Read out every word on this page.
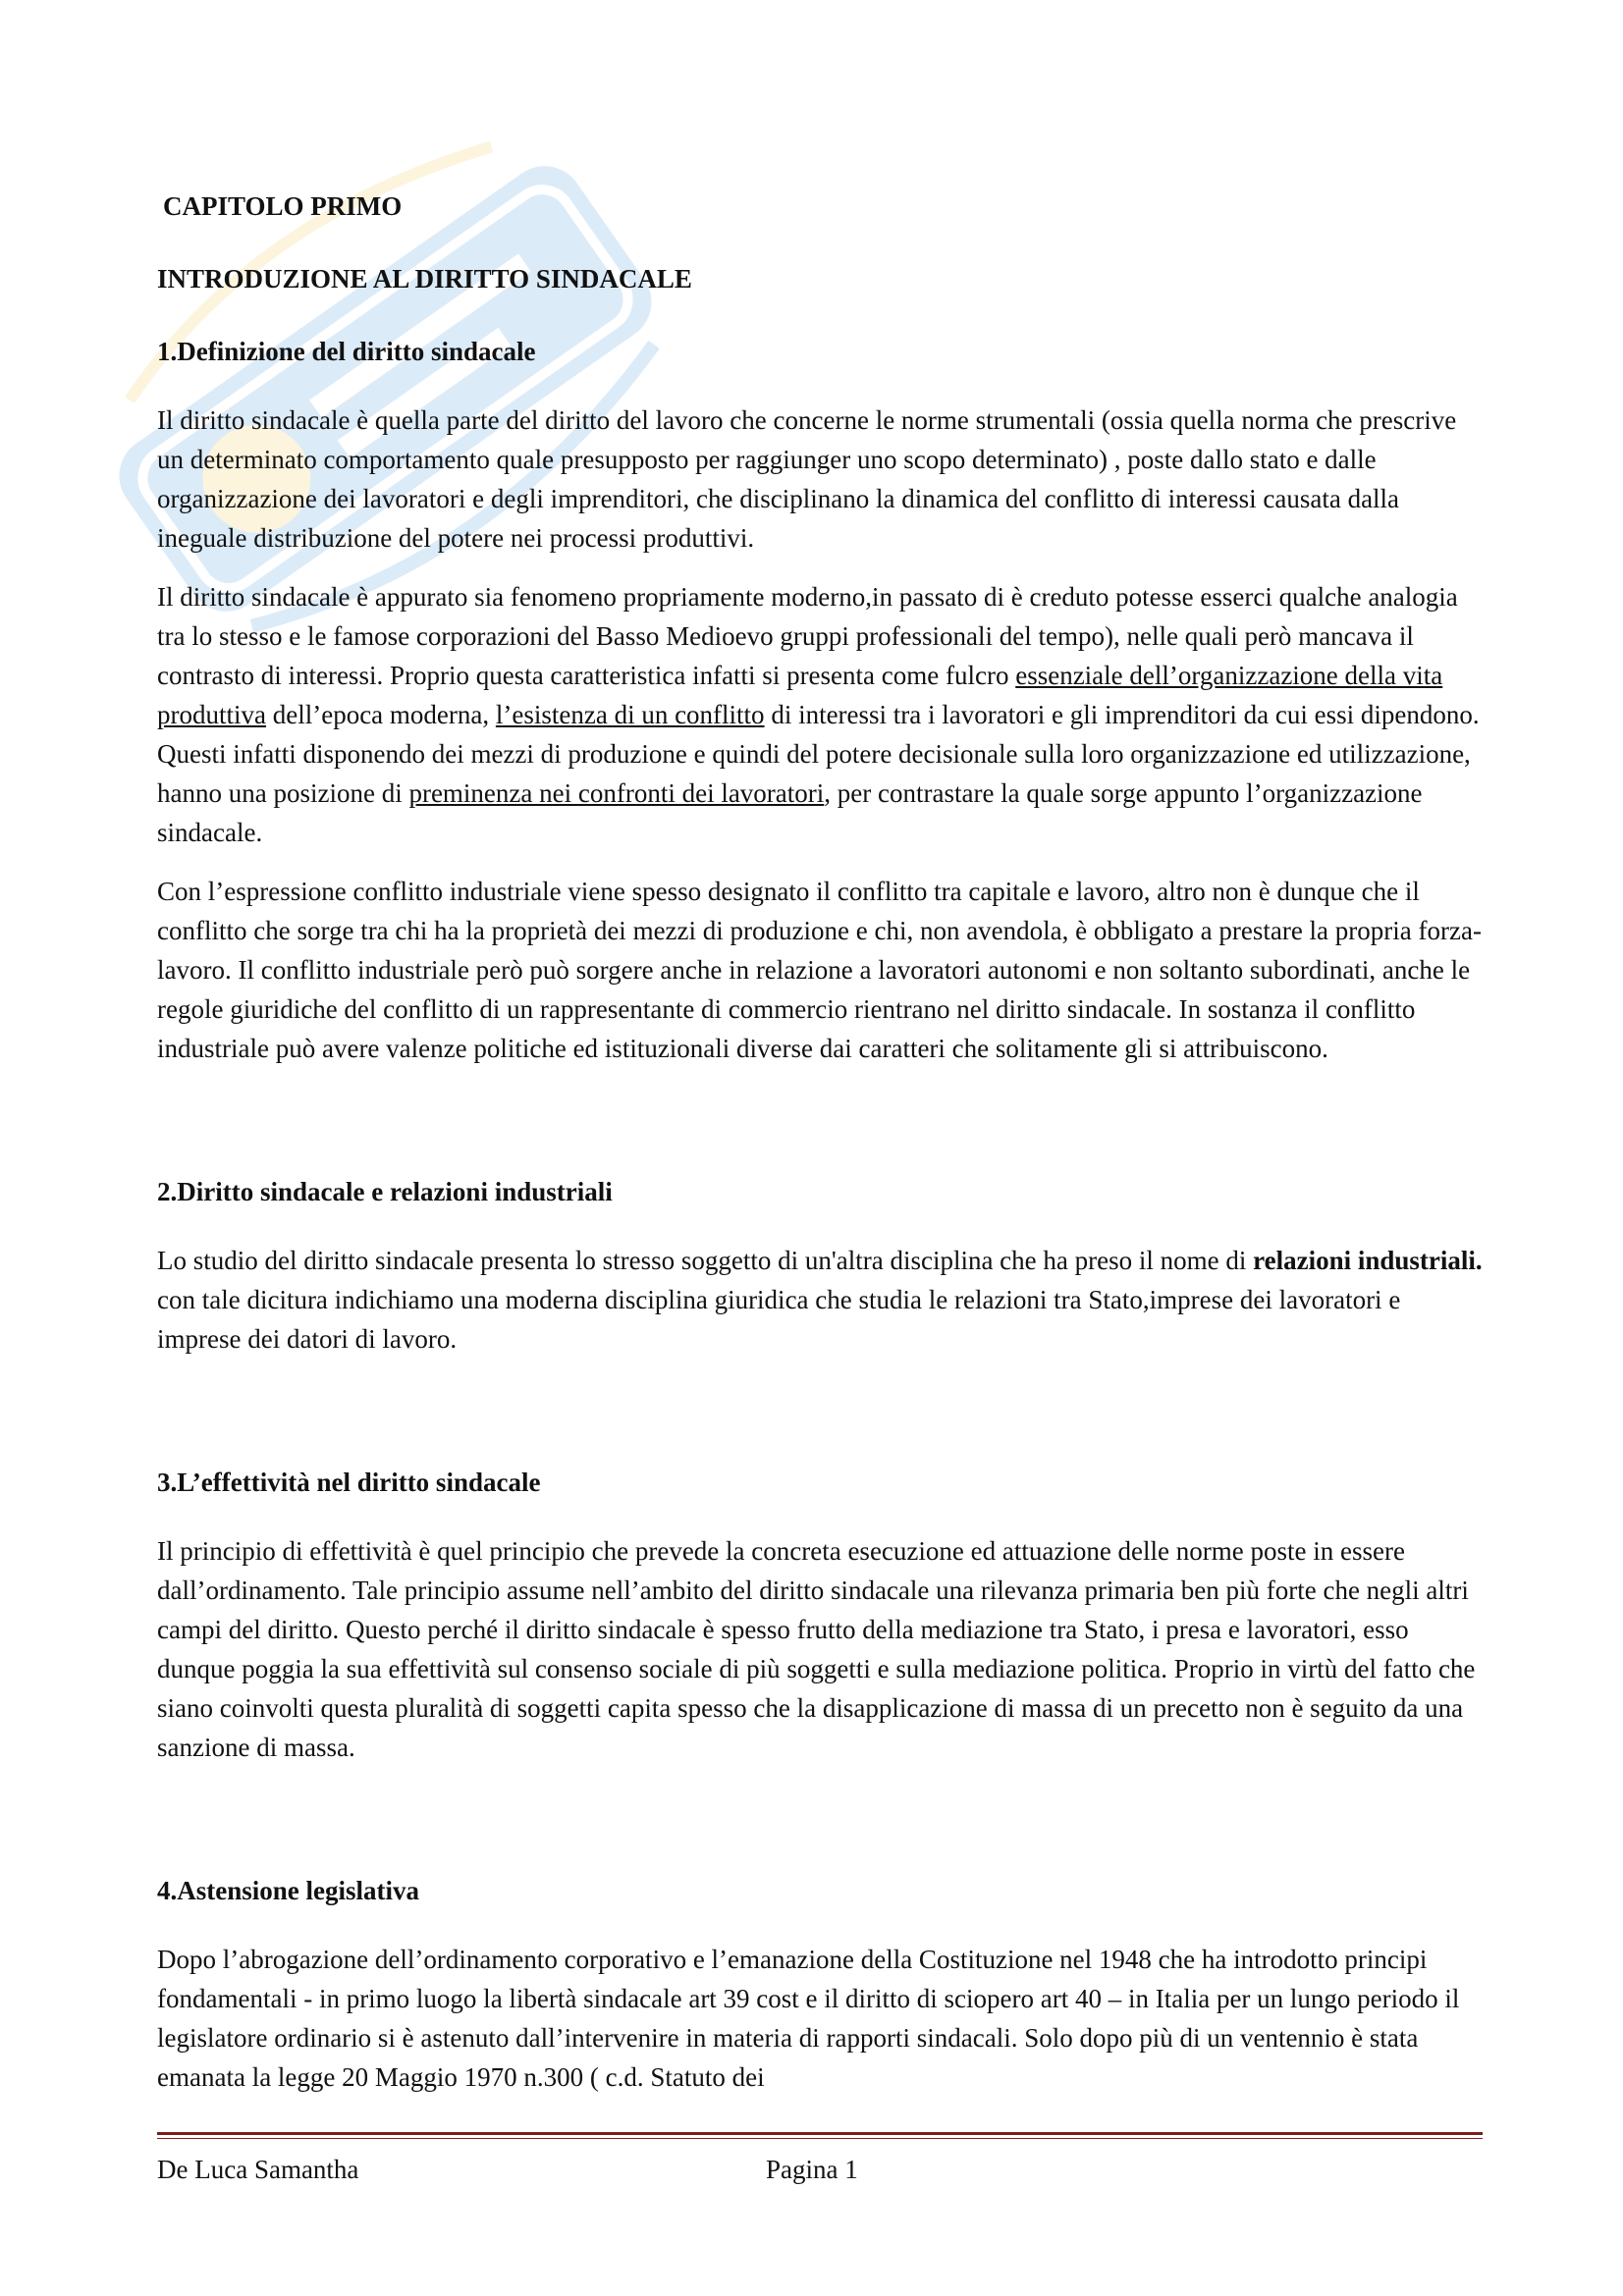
CAPITOLO PRIMO
INTRODUZIONE AL DIRITTO SINDACALE
1.Definizione del diritto sindacale

Il diritto sindacale è quella parte del diritto del lavoro che concerne le norme strumentali (ossia quella norma che prescrive un determinato comportamento quale presupposto per raggiunger uno scopo determinato) , poste dallo stato e dalle organizzazione dei lavoratori e degli imprenditori, che disciplinano la dinamica del conflitto di interessi causata dalla ineguale distribuzione del potere nei processi produttivi.

Il diritto sindacale è appurato sia fenomeno propriamente moderno,in passato di è creduto potesse esserci qualche analogia tra lo stesso e le famose corporazioni del Basso Medioevo gruppi professionali del tempo), nelle quali però mancava il contrasto di interessi. Proprio questa caratteristica infatti si presenta come fulcro essenziale dell’organizzazione della vita produttiva dell’epoca moderna, l’esistenza di un conflitto di interessi tra i lavoratori e gli imprenditori da cui essi dipendono. Questi infatti disponendo dei mezzi di produzione e quindi del potere decisionale sulla loro organizzazione ed utilizzazione, hanno una posizione di preminenza nei confronti dei lavoratori, per contrastare la quale sorge appunto l’organizzazione sindacale.

Con l’espressione conflitto industriale viene spesso designato il conflitto tra capitale e lavoro, altro non è dunque che il conflitto che sorge tra chi ha la proprietà dei mezzi di produzione e chi, non avendola, è obbligato a prestare la propria forza-lavoro. Il conflitto industriale però può sorgere anche in relazione a lavoratori autonomi e non soltanto subordinati, anche le regole giuridiche del conflitto di un rappresentante di commercio rientrano nel diritto sindacale. In sostanza il conflitto industriale può avere valenze politiche ed istituzionali diverse dai caratteri che solitamente gli si attribuiscono.

2.Diritto sindacale e relazioni industriali

Lo studio del diritto sindacale presenta lo stresso soggetto di un'altra disciplina che ha preso il nome di relazioni industriali. con tale dicitura indichiamo una moderna disciplina giuridica che studia le relazioni tra Stato,imprese dei lavoratori e imprese dei datori di lavoro.

3.L’effettività nel diritto sindacale

Il principio di effettività è quel principio che prevede la concreta esecuzione ed attuazione delle norme poste in essere dall’ordinamento. Tale principio assume nell’ambito del diritto sindacale una rilevanza primaria ben più forte che negli altri campi del diritto. Questo perché il diritto sindacale è spesso frutto della mediazione tra Stato, i presa e lavoratori, esso dunque poggia la sua effettività sul consenso sociale di più soggetti e sulla mediazione politica. Proprio in virtù del fatto che siano coinvolti questa pluralità di soggetti capita spesso che la disapplicazione di massa di un precetto non è seguito da una sanzione di massa.

4.Astensione legislativa

Dopo l’abrogazione dell’ordinamento corporativo e l’emanazione della Costituzione nel 1948 che ha introdotto principi fondamentali - in primo luogo la libertà sindacale art 39 cost e il diritto di sciopero art 40 – in Italia per un lungo periodo il legislatore ordinario si è astenuto dall’intervenire in materia di rapporti sindacali. Solo dopo più di un ventennio è stata emanata la legge 20 Maggio 1970 n.300 ( c.d. Statuto dei

De Luca Samantha	Pagina 1
